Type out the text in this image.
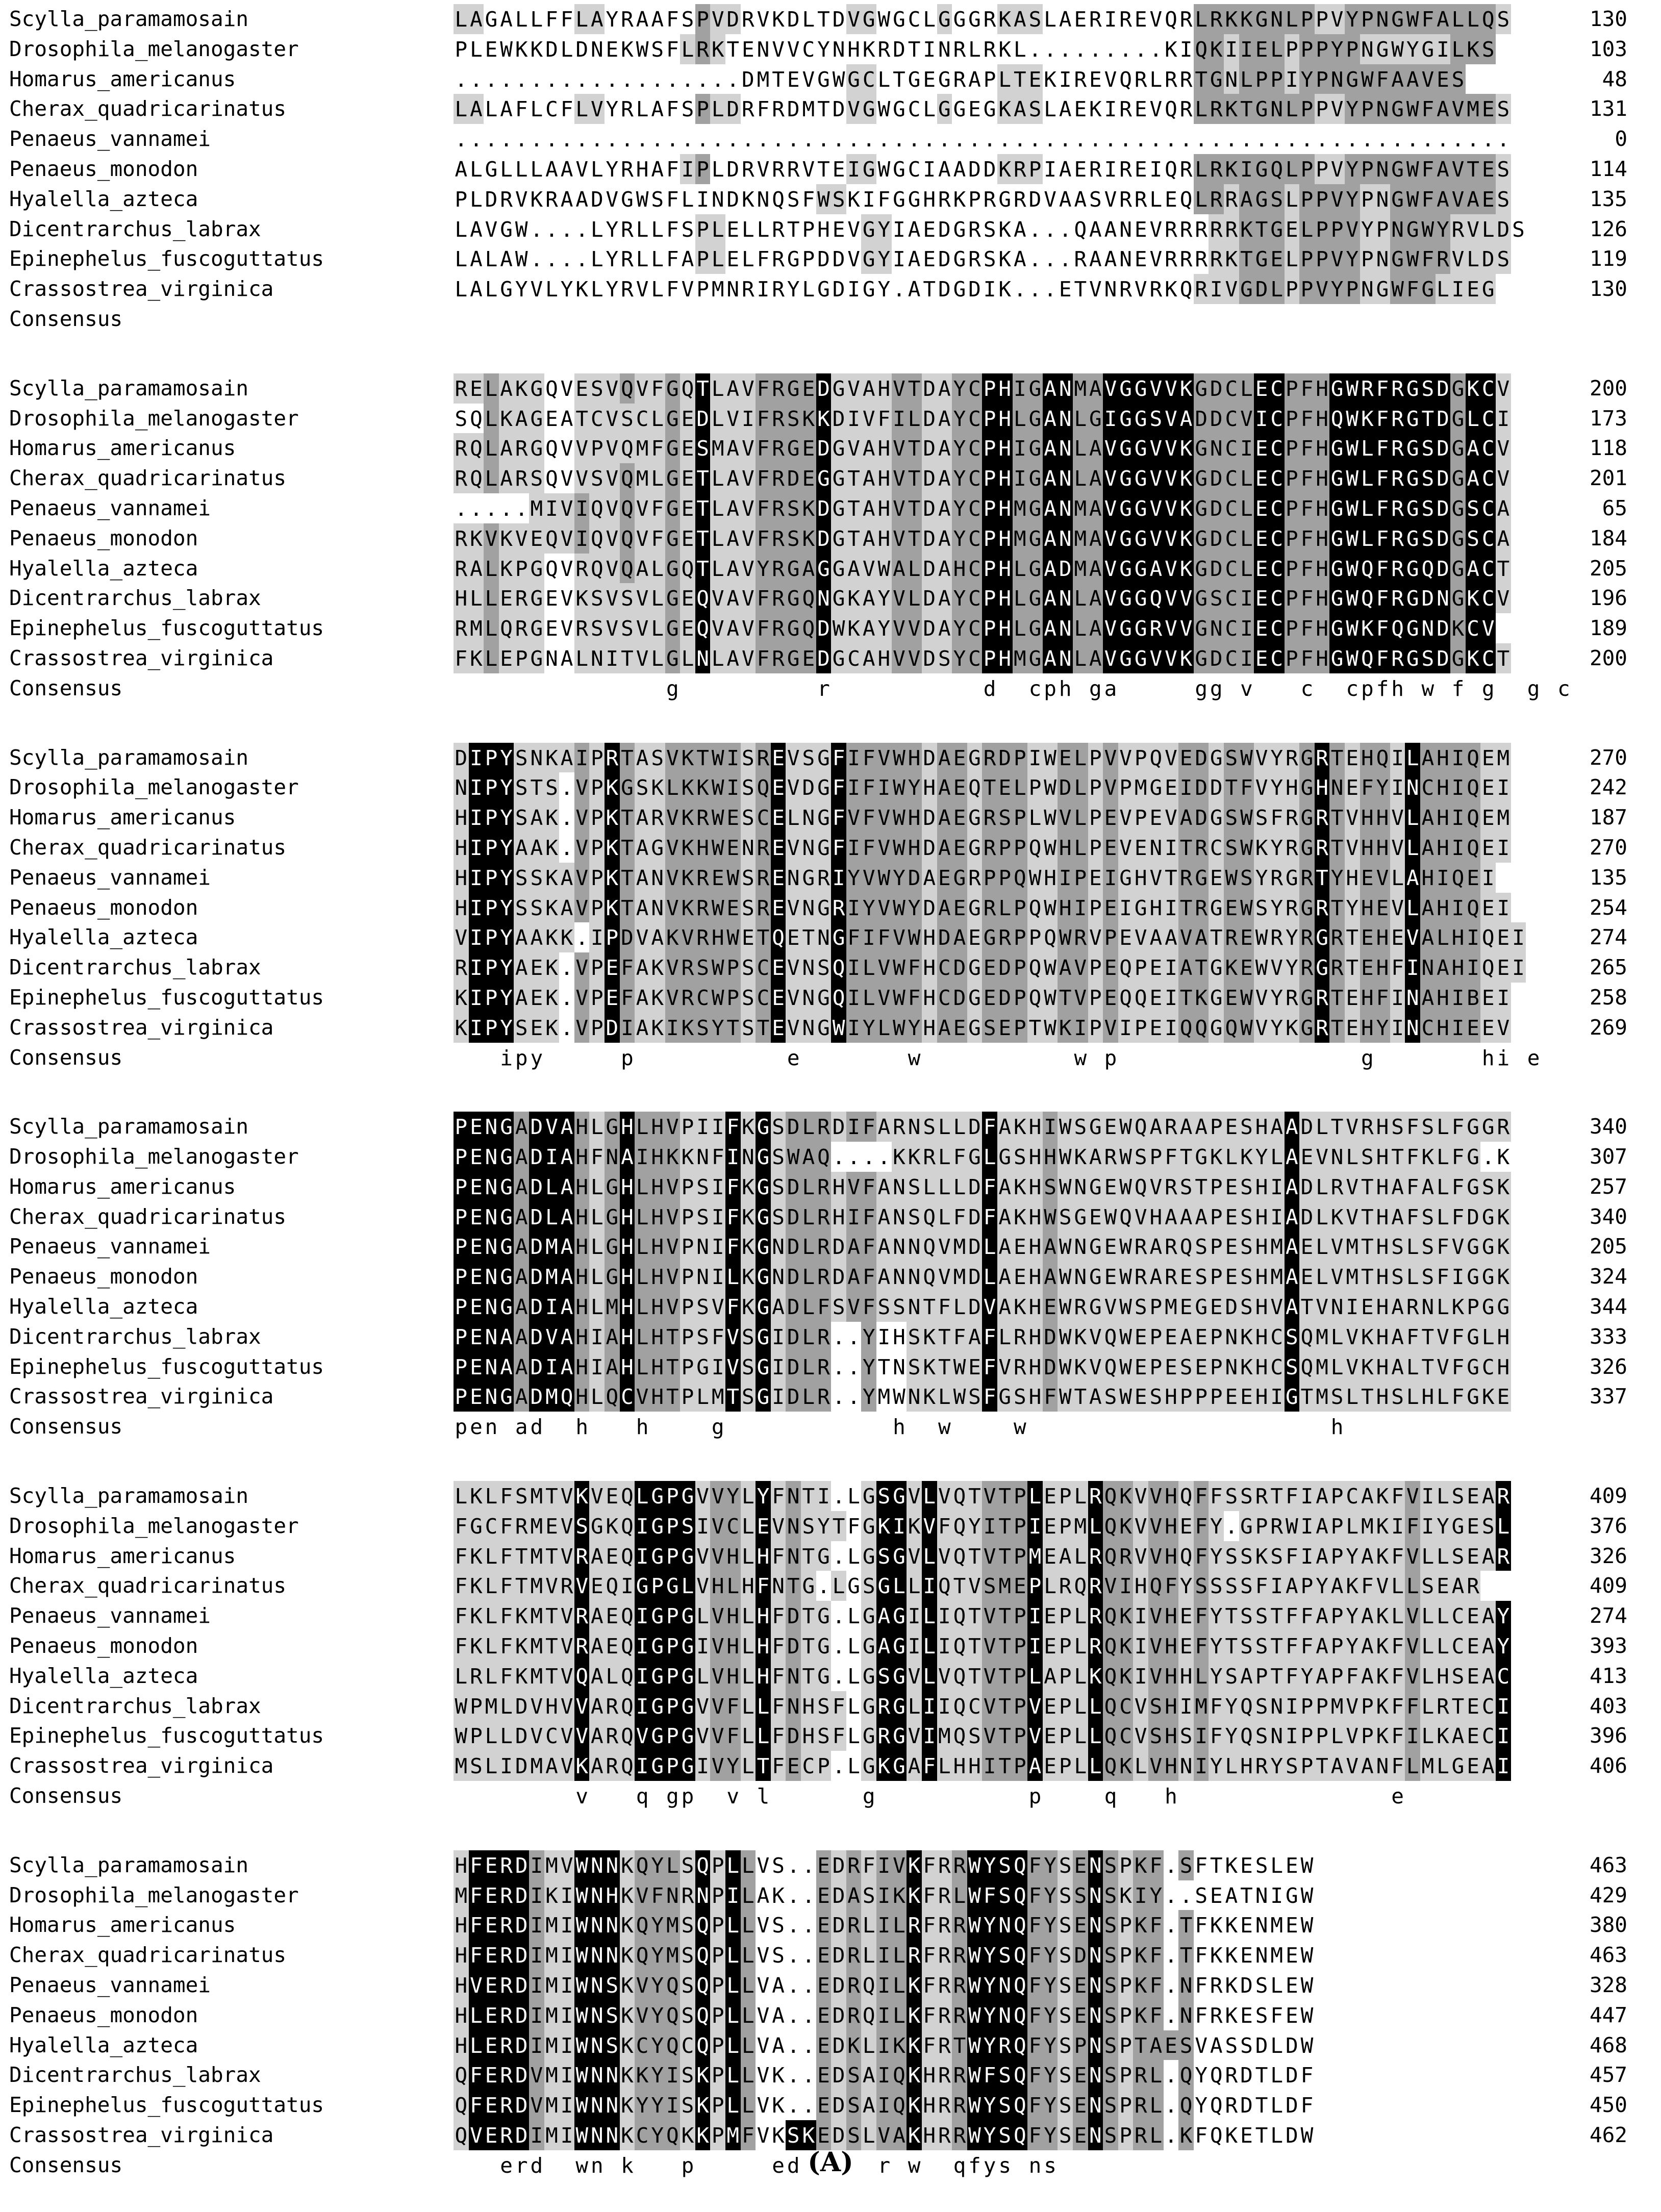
Scylla_paramamosain	L A G A L L F F L A Y R A A F S P V D R V K D L T D V G W G C L G G G R K A S L A E R I R E V Q R L R K K G N L P P V Y P N G W F A L L Q S	130
Drosophila_melanogaster	P L E W K K D L D N E K W S F L R K T E N V V C Y N H K R D T I N R L R K L . . . . . . . . . K I Q K I I E L P P P Y P N G W Y G I L K S	103
Homarus_americanus	. . . . . . . . . . . . . . . . . . . D M T E V G W G C L T G E G R A P L T E K I R E V Q R L R R T G N L P P I Y P N G W F A A V E S	48
Cherax_quadricarinatus	L A L A F L C F L V Y R L A F S P L D R F R D M T D V G W G C L G G E G K A S L A E K I R E V Q R L R K T G N L P P V Y P N G W F A V M E S	131
Penaeus_vannamei	. . . . . . . . . . . . . . . . . . . . . . . . . . . . . . . . . . . . . . . . . . . . . . . . . . . . . . . . . . . . . . . . . . . . . .	0
Penaeus_monodon	A L G L L L A A V L Y R H A F I P L D R V R R V T E I G W G C I A A D D K R P I A E R I R E I Q R L R K I G Q L P P V Y P N G W F A V T E S	114
Hyalella_azteca	P L D R V K R A A D V G W S F L I N D K N Q S F W S K I F G G H R K P R G R D V A A S V R R L E Q L R R A G S L P P V Y P N G W F A V A E S	135
Dicentrarchus_labrax	L A V G W . . . . L Y R L L F S P L E L L R T P H E V G Y I A E D G R S K A . . . Q A A N E V R R R R R K T G E L P P V Y P N G W Y R V L D S	126
Epinephelus_fuscoguttatus	L A L A W . . . . L Y R L L F A P L E L F R G P D D V G Y I A E D G R S K A . . . R A A N E V R R R R K T G E L P P V Y P N G W F R V L D S	119
Crassostrea_virginica	L A L G Y V L Y K L Y R V L F V P M N R I R Y L G D I G Y . A T D G D I K . . . E T V N R V R K Q R I V G D L P P V Y P N G W F G L I E G	130
Consensus
Scylla_paramamosain	R E L A K G Q V E S V Q V F G Q T L A V F R G E D G V A H V T D A Y C P H I G A N M A V G G V V K G D C L E C P F H G W R F R G S D G K C V	200
Drosophila_melanogaster	S Q L K A G E A T C V S C L G E D L V I F R S K K D I V F I L D A Y C P H L G A N L G I G G S V A D D C V I C P F H Q W K F R G T D G L C I	173
Homarus_americanus	R Q L A R G Q V V P V Q M F G E S M A V F R G E D G V A H V T D A Y C P H I G A N L A V G G V V K G N C I E C P F H G W L F R G S D G A C V	118
Cherax_quadricarinatus	R Q L A R S Q V V S V Q M L G E T L A V F R D E G G T A H V T D A Y C P H I G A N L A V G G V V K G D C L E C P F H G W L F R G S D G A C V	201
Penaeus_vannamei	. . . . . M I V I Q V Q V F G E T L A V F R S K D G T A H V T D A Y C P H M G A N M A V G G V V K G D C L E C P F H G W L F R G S D G S C A	65
Penaeus_monodon	R K V K V E Q V I Q V Q V F G E T L A V F R S K D G T A H V T D A Y C P H M G A N M A V G G V V K G D C L E C P F H G W L F R G S D G S C A	184
Hyalella_azteca	R A L K P G Q V R Q V Q A L G Q T L A V Y R G A G G A V W A L D A H C P H L G A D M A V G G A V K G D C L E C P F H G W Q F R G Q D G A C T	205
Dicentrarchus_labrax	H L L E R G E V K S V S V L G E Q V A V F R G Q N G K A Y V L D A Y C P H L G A N L A V G G Q V V G S C I E C P F H G W Q F R G D N G K C V	196
Epinephelus_fuscoguttatus	R M L Q R G E V R S V S V L G E Q V A V F R G Q D W K A Y V V D A Y C P H L G A N L A V G G R V V G N C I E C P F H G W K F Q G N D K C V	189
Crassostrea_virginica	F K L E P G N A L N I T V L G L N L A V F R G E D G C A H V V D S Y C P H M G A N L A V G G V V K G D C I E C P F H G W Q F R G S D G K C T	200
Consensus	g	r	d c p h g a	g g v c c p f h w f g g c
Scylla_paramamosain	D I P Y S N K A I P R T A S V K T W I S R E V S G F I F V W H D A E G R D P I W E L P V V P Q V E D G S W V Y R G R T E H Q I L A H I Q E M	270
Drosophila_melanogaster	N I P Y S T S . V P K G S K L K K W I S Q E V D G F I F I W Y H A E Q T E L P W D L P V P M G E I D D T F V Y H G H N E F Y I N C H I Q E I	242
Homarus_americanus	H I P Y S A K . V P K T A R V K R W E S C E L N G F V F V W H D A E G R S P L W V L P E V P E V A D G S W S F R G R T V H H V L A H I Q E M	187
Cherax_quadricarinatus	H I P Y A A K . V P K T A G V K H W E N R E V N G F I F V W H D A E G R P P Q W H L P E V E N I T R C S W K Y R G R T V H H V L A H I Q E I	270
Penaeus_vannamei	H I P Y S S K A V P K T A N V K R E W S R E N G R I Y V W Y D A E G R P P Q W H I P E I G H V T R G E W S Y R G R T Y H E V L A H I Q E I	135
Penaeus_monodon	H I P Y S S K A V P K T A N V K R W E S R E V N G R I Y V W Y D A E G R L P Q W H I P E I G H I T R G E W S Y R G R T Y H E V L A H I Q E I	254
Hyalella_azteca	V I P Y A A K K . I P D V A K V R H W E T Q E T N G F I F V W H D A E G R P P Q W R V P E V A A V A T R E W R Y R G R T E H E V A L H I Q E I	274
Dicentrarchus_labrax	R I P Y A E K . V P E F A K V R S W P S C E V N S Q I L V W F H C D G E D P Q W A V P E Q P E I A T G K E W V Y R G R T E H F I N A H I Q E I	265
Epinephelus_fuscoguttatus	K I P Y A E K . V P E F A K V R C W P S C E V N G Q I L V W F H C D G E D P Q W T V P E Q Q E I T K G E W V Y R G R T E H F I N A H I B E I	258
Crassostrea_virginica	K I P Y S E K . V P D I A K I K S Y T S T E V N G W I Y L W Y H A E G S E P T W K I P V I P E I Q Q G Q W V Y K G R T E H Y I N C H I E E V	269
Consensus	i p y	p	e	w	w p	g	h i e
Scylla_paramamosain	P E N G A D V A H L G H L H V P I I F K G S D L R D I F A R N S L L D F A K H I W S G E W Q A R A A P E S H A A D L T V R H S F S L F G G R	340
Drosophila_melanogaster	P E N G A D I A H F N A I H K K N F I N G S W A Q . . . . K K R L F G L G S H H W K A R W S P F T G K L K Y L A E V N L S H T F K L F G . K	307
Homarus_americanus	P E N G A D L A H L G H L H V P S I F K G S D L R H V F A N S L L L D F A K H S W N G E W Q V R S T P E S H I A D L R V T H A F A L F G S K	257
Cherax_quadricarinatus	P E N G A D L A H L G H L H V P S I F K G S D L R H I F A N S Q L F D F A K H W S G E W Q V H A A A P E S H I A D L K V T H A F S L F D G K	340
Penaeus_vannamei	P E N G A D M A H L G H L H V P N I F K G N D L R D A F A N N Q V M D L A E H A W N G E W R A R Q S P E S H M A E L V M T H S L S F V G G K	205
Penaeus_monodon	P E N G A D M A H L G H L H V P N I L K G N D L R D A F A N N Q V M D L A E H A W N G E W R A R E S P E S H M A E L V M T H S L S F I G G K	324
Hyalella_azteca	P E N G A D I A H L M H L H V P S V F K G A D L F S V F S S N T F L D V A K H E W R G V W S P M E G E D S H V A T V N I E H A R N L K P G G	344
Dicentrarchus_labrax	P E N A A D V A H I A H L H T P S F V S G I D L R . . Y I H S K T F A F L R H D W K V Q W E P E A E P N K H C S Q M L V K H A F T V F G L H	333
Epinephelus_fuscoguttatus	P E N A A D I A H I A H L H T P G I V S G I D L R . . Y T N S K T W E F V R H D W K V Q W E P E S E P N K H C S Q M L V K H A L T V F G C H	326
Crassostrea_virginica	P E N G A D M Q H L Q C V H T P L M T S G I D L R . . Y M W N K L W S F G S H F W T A S W E S H P P P E E H I G T M S L T H S L H L F G K E	337
Consensus	p e n a d h h	g	h w	w	h
Scylla_paramamosain	L K L F S M T V K V E Q L G P G V V Y L Y F N T I . L G S G V L V Q T V T P L E P L R Q K V V H Q F F S S R T F I A P C A K F V I L S E A R	409
Drosophila_melanogaster	F G C F R M E V S G K Q I G P S I V C L E V N S Y T F G K I K V F Q Y I T P I E P M L Q K V V H E F Y . G P R W I A P L M K I F I Y G E S L	376
Homarus_americanus	F K L F T M T V R A E Q I G P G V V H L H F N T G . L G S G V L V Q T V T P M E A L R Q R V V H Q F Y S S K S F I A P Y A K F V L L S E A R	326
Cherax_quadricarinatus	F K L F T M V R V E Q I G P G L V H L H F N T G . L G S G L L I Q T V S M E P L R Q R V I H Q F Y S S S S F I A P Y A K F V L L S E A R	409
Penaeus_vannamei	F K L F K M T V R A E Q I G P G L V H L H F D T G . L G A G I L I Q T V T P I E P L R Q K I V H E F Y T S S T F F A P Y A K L V L L C E A Y	274
Penaeus_monodon	F K L F K M T V R A E Q I G P G I V H L H F D T G . L G A G I L I Q T V T P I E P L R Q K I V H E F Y T S S T F F A P Y A K F V L L C E A Y	393
Hyalella_azteca	L R L F K M T V Q A L Q I G P G L V H L H F N T G . L G S G V L V Q T V T P L A P L K Q K I V H H L Y S A P T F Y A P F A K F V L H S E A C	413
Dicentrarchus_labrax	W P M L D V H V V A R Q I G P G V V F L L F N H S F L G R G L I I Q C V T P V E P L L Q C V S H I M F Y Q S N I P P M V P K F F L R T E C I	403
Epinephelus_fuscoguttatus	W P L L D V C V V A R Q V G P G V V F L L F D H S F L G R G V I M Q S V T P V E P L L Q C V S H S I F Y Q S N I P P L V P K F I L K A E C I	396
Crassostrea_virginica	M S L I D M A V K A R Q I G P G I V Y L T F E C P . L G K G A F L H H I T P A E P L L Q K L V H N I Y L H R Y S P T A V A N F L M L G E A I	406
Consensus	v q g p v l	g	p	q h	e
Scylla_paramamosain	H F E R D I M V W N N K Q Y L S Q P L L V S . . E D R F I V K F R R W Y S Q F Y S E N S P K F . S F T K E S L E W	463
Drosophila_melanogaster	M F E R D I K I W N H K V F N R N P I L A K . . E D A S I K K F R L W F S Q F Y S S N S K I Y . . S E A T N I G W	429
Homarus_americanus	H F E R D I M I W N N K Q Y M S Q P L L V S . . E D R L I L R F R R W Y N Q F Y S E N S P K F . T F K K E N M E W	380
Cherax_quadricarinatus	H F E R D I M I W N N K Q Y M S Q P L L V S . . E D R L I L R F R R W Y S Q F Y S D N S P K F . T F K K E N M E W	463
Penaeus_vannamei	H V E R D I M I W N S K V Y Q S Q P L L V A . . E D R Q I L K F R R W Y N Q F Y S E N S P K F . N F R K D S L E W	328
Penaeus_monodon	H L E R D I M I W N S K V Y Q S Q P L L V A . . E D R Q I L K F R R W Y N Q F Y S E N S P K F . N F R K E S F E W	447
Hyalella_azteca	H L E R D I M I W N S K C Y Q C Q P L L V A . . E D K L I K K F R T W Y R Q F Y S P N S P T A E S V A S S D L D W	468
Dicentrarchus_labrax	Q F E R D V M I W N N K K Y I S K P L L V K . . E D S A I Q K H R R W F S Q F Y S E N S P R L . Q Y Q R D T L D F	457
Epinephelus_fuscoguttatus	Q F E R D V M I W N N K Y Y I S K P L L V K . . E D S A I Q K H R R W Y S Q F Y S E N S P R L . Q Y Q R D T L D F	450
Crassostrea_virginica	Q V E R D I M I W N N K C Y Q K K P M F V K S K E D S L V A K H R R W Y S Q F Y S E N S P R L . K F Q K E T L D W	462
Consensus	e r d w n k p	e d	r w q f y s n s
(A)
